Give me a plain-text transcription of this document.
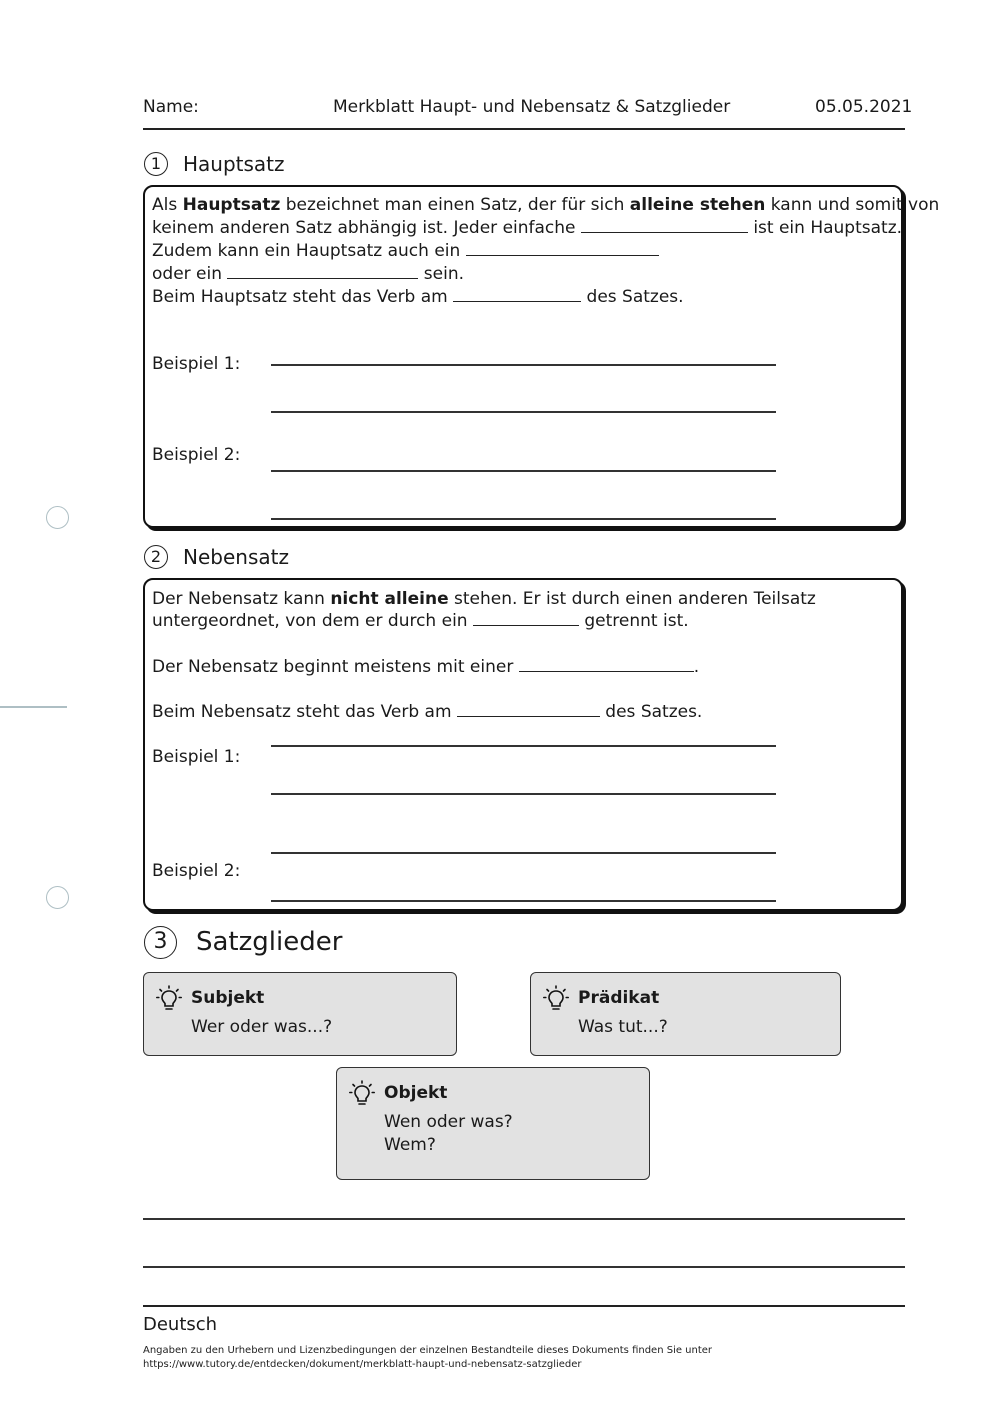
Name:	Merkblatt Haupt- und Nebensatz & Satzglieder	05.05.2021
1	Hauptsatz
Als Hauptsatz bezeichnet man einen Satz, der für sich alleine stehen kann und somit von
keinem anderen Satz abhängig ist. Jeder einfache	ist ein Hauptsatz.
Zudem kann ein Hauptsatz auch ein
oder ein	sein.
Beim Hauptsatz steht das Verb am	des Satzes.
Beispiel 1:
Beispiel 2:
2	Nebensatz
Der Nebensatz kann nicht alleine stehen. Er ist durch einen anderen Teilsatz
untergeordnet, von dem er durch ein	getrennt ist.
Der Nebensatz beginnt meistens mit einer	.
Beim Nebensatz steht das Verb am	des Satzes.
Beispiel 1:
Beispiel 2:
3	Satzglieder
Subjekt
Wer oder was...?
Prädikat
Was tut...?
Objekt
Wen oder was?
Wem?
Deutsch
Angaben zu den Urhebern und Lizenzbedingungen der einzelnen Bestandteile dieses Dokuments finden Sie unter
https://www.tutory.de/entdecken/dokument/merkblatt-haupt-und-nebensatz-satzglieder
